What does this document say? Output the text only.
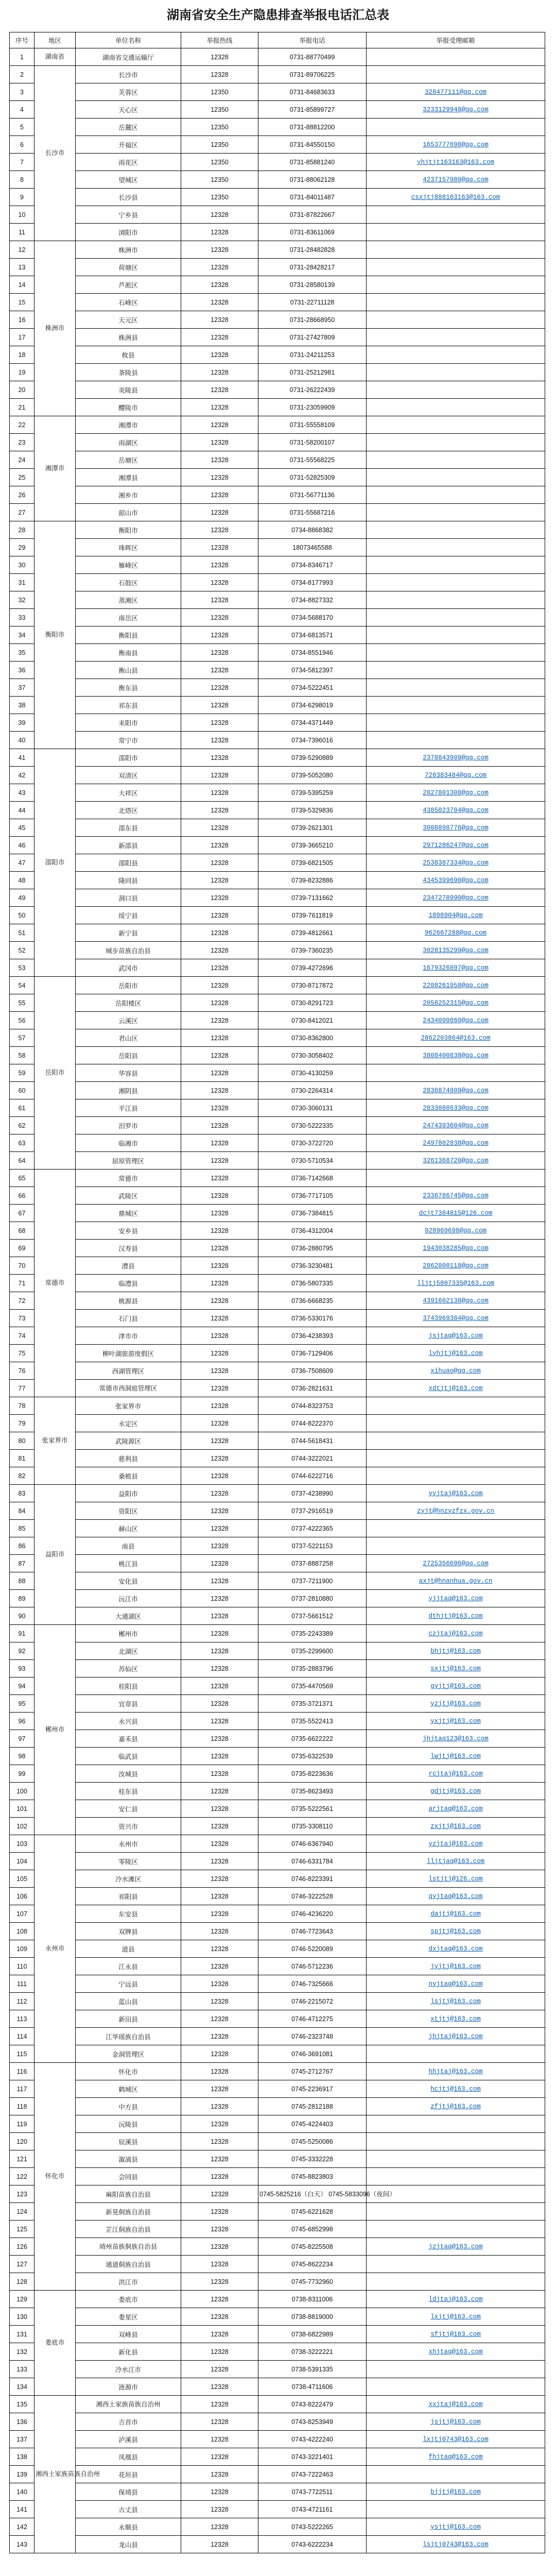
湖南省安全生产隐患排查举报电话汇总表
序号	地区	单位名称	举报热线	举报电话	举报受理邮箱
1	湖南省	湖南省交通运输厅	12328	0731-88770499	
2	长沙市	长沙市	12328	0731-89706225	
3		芙蓉区	12350	0731-84683633	328477111@qq.com
4		天心区	12350	0731-85899727	3233129948@qq.com
5		岳麓区	12350	0731-88812200	
6		开福区	12350	0731-84550150	1653777698@qq.com
7		雨花区	12350	0731-85881240	yhjtjt163163@163.com
8		望城区	12350	0731-88062128	4237157980@qq.com
9		长沙县	12350	0731-84011487	csxjtj888163163@163.com
10		宁乡县	12328	0731-87822667	
11		浏阳市	12328	0731-83611069	
12	株洲市	株洲市	12328	0731-28482828	
13		荷塘区	12328	0731-28428217	
14		芦淞区	12328	0731-28580139	
15		石峰区	12328	0731-22711128	
16		天元区	12328	0731-28668950	
17		株洲县	12328	0731-27427809	
18		攸县	12328	0731-24211253	
19		茶陵县	12328	0731-25212981	
20		炎陵县	12328	0731-26222439	
21		醴陵市	12328	0731-23059909	
22	湘潭市	湘潭市	12328	0731-55558109	
23		雨湖区	12328	0731-58200107	
24		岳塘区	12328	0731-55568225	
25		湘潭县	12328	0731-52825309	
26		湘乡市	12328	0731-56771136	
27		韶山市	12328	0731-55687216	
28	衡阳市	衡阳市	12328	0734-8868382	
29		珠晖区	12328	18073465588	
30		雁峰区	12328	0734-8346717	
31		石鼓区	12328	0734-8177993	
32		蒸湘区	12328	0734-8827332	
33		南岳区	12328	0734-5688170	
34		衡阳县	12328	0734-6813571	
35		衡南县	12328	0734-8551946	
36		衡山县	12328	0734-5812397	
37		衡东县	12328	0734-5222451	
38		祁东县	12328	0734-6298019	
39		耒阳市	12328	0734-4371449	
40		常宁市	12328	0734-7396016	
41	邵阳市	邵阳市	12328	0739-5290889	2378843909@qq.com
42		双清区	12328	0739-5052080	726383484@qq.com
43		大祥区	12328	0739-5395259	2827801308@qq.com
44		北塔区	12328	0739-5329836	4385023704@qq.com
45		邵东县	12328	0739-2621301	3008898776@qq.com
46		新邵县	12328	0739-3665210	2971286247@qq.com
47		邵阳县	12328	0739-6821505	2538387334@qq.com
48		隆回县	12328	0739-8232886	4345399690@qq.com
49		洞口县	12328	0739-7131662	2347278990@qq.com
50		绥宁县	12328	0739-7611819	1808904@qq.com
51		新宁县	12328	0739-4812661	962667288@qq.com
52		城步苗族自治县	12328	0739-7360235	3028135299@qq.com
53		武冈市	12328	0739-4272696	1679326897@qq.com
54	岳阳市	岳阳市	12328	0730-8717872	2208261958@qq.com
55		岳阳楼区	12328	0730-8291723	2058252315@qq.com
56		云溪区	12328	0730-8412021	2434099860@qq.com
57		君山区	12328	0730-8362800	2862203864@163.com
58		岳阳县	12328	0730-3058402	3808400838@qq.com
59		华容县	12328	0730-4130259	
60		湘阴县	12328	0730-2264314	2836874809@qq.com
61		平江县	12328	0730-3060131	2833088633@qq.com
62		汨罗市	12328	0730-5222335	2474393604@qq.com
63		临湘市	12328	0730-3722720	2497802838@qq.com
64		屈原管理区	12328	0730-5710534	3261368720@qq.com
65	常德市	常德市	12328	0736-7142668	
66		武陵区	12328	0736-7717105	2336786745@qq.com
67		鼎城区	12328	0736-7384815	dcjt7384815@126.com
68		安乡县	12328	0736-4312004	928969698@qq.com
69		汉寿县	12328	0736-2880795	1943038285@qq.com
70		澧县	12328	0736-3230481	2862800118@qq.com
71		临澧县	12328	0736-5807335	lljtj5807335@163.com
72		桃源县	12328	0736-6668235	4391602138@qq.com
73		石门县	12328	0736-5330176	3743969384@qq.com
74		津市市	12328	0736-4238393	jsjtaq@163.com
75		柳叶湖旅游度假区	12328	0736-7129406	lyhjtj@163.com
76		西湖管理区	12328	0736-7508609	xihuao@qq.com
77		常德市西洞庭管理区	12328	0736-2821631	xdtjtj@163.com
78	张家界市	张家界市	12328	0744-8323753	
79		永定区	12328	0744-8222370	
80		武陵源区	12328	0744-5618431	
81		慈利县	12328	0744-3222021	
82		桑植县	12328	0744-6222716	
83	益阳市	益阳市	12328	0737-4238990	yyjtaj@163.com
84		资阳区	12328	0737-2916519	zyjt@hnzyzfzx.gov.cn
85		赫山区	12328	0737-4222365	
86		南县	12328	0737-5221153	
87		桃江县	12328	0737-8887258	2725356696@qq.com
88		安化县	12328	0737-7211900	axjt@hnanhua.gov.cn
89		沅江市	12328	0737-2810880	yjjtaq@163.com
90		大通湖区	12328	0737-5661512	dthjtj@163.com
91	郴州市	郴州市	12328	0735-2243389	czjtaj@163.com
92		北湖区	12328	0735-2299600	bhjtj@163.com
93		苏仙区	12328	0735-2883796	sxjtj@163.com
94		桂阳县	12328	0735-4470569	gyjtj@163.com
95		宜章县	12328	0735-3721371	yzjtj@163.com
96		永兴县	12328	0735-5522413	yxjtj@163.com
97		嘉禾县	12328	0735-6622222	jhjtaq123@163.com
98		临武县	12328	0735-6322539	lwjtj@163.com
99		汝城县	12328	0735-8223636	rcjtaj@163.com
100		桂东县	12328	0735-8623493	gdjtj@163.com
101		安仁县	12328	0735-5222561	arjtaq@163.com
102		资兴市	12328	0735-3308110	zxjtj@163.com
103	永州市	永州市	12328	0746-6367940	yzjtaj@163.com
104		零陵区	12328	0746-6331784	lljtjaq@163.com
105		冷水滩区	12328	0746-8223391	lstjtj@126.com
106		祁阳县	12328	0746-3222528	qyjtaq@163.com
107		东安县	12328	0746-4236220	dajtj@163.com
108		双牌县	12328	0746-7723643	spjtj@163.com
109		道县	12328	0746-5220089	dxjtaq@163.com
110		江永县	12328	0746-5712236	jyjtj@163.com
111		宁远县	12328	0746-7325666	nyjtaq@163.com
112		蓝山县	12328	0746-2215072	lsjtj@163.com
113		新田县	12328	0746-4712275	xtjtj@163.com
114		江华瑶族自治县	12328	0746-2323748	jhjtaj@163.com
115		金洞管理区	12328	0746-3691081	
116	怀化市	怀化市	12328	0745-2712767	hhjtaj@163.com
117		鹤城区	12328	0745-2236917	hcjtj@163.com
118		中方县	12328	0745-2812188	zfjtj@163.com
119		沅陵县	12328	0745-4224403	
120		辰溪县	12328	0745-5250086	
121		溆浦县	12328	0745-3332228	
122		会同县	12328	0745-8823803	
123		麻阳苗族自治县	12328	0745-5825216（白天） 0745-5833096（夜间）	
124		新晃侗族自治县	12328	0745-6221628	
125		芷江侗族自治县	12328	0745-6852998	
126		靖州苗族侗族自治县	12328	0745-8225508	jzjtaq@163.com
127		通道侗族自治县	12328	0745-8622234	
128		洪江市	12328	0745-7732960	
129	娄底市	娄底市	12328	0738-8311006	ldjtaj@163.com
130		娄星区	12328	0738-8819000	lxjtj@163.com
131		双峰县	12328	0738-6822989	sfjtj@163.com
132		新化县	12328	0738-3222221	xhjtaq@163.com
133		冷水江市	12328	0738-5391335	
134		涟源市	12328	0738-4711606	
135	湘西土家族苗族自治州	湘西土家族苗族自治州	12328	0743-8222479	xxjtaj@163.com
136		吉首市	12328	0743-8253949	jsjtj@163.com
137		泸溪县	12328	0743-4222240	lxjtj0743@163.com
138		凤凰县	12328	0743-3221401	fhjtaq@163.com
139		花垣县	12328	0743-7222463	
140		保靖县	12328	0743-7722511	bjjtj@163.com
141		古丈县	12328	0743-4721161	
142		永顺县	12328	0743-5222265	ysjtj@163.com
143		龙山县	12328	0743-6222234	lsjtj0743@163.com
